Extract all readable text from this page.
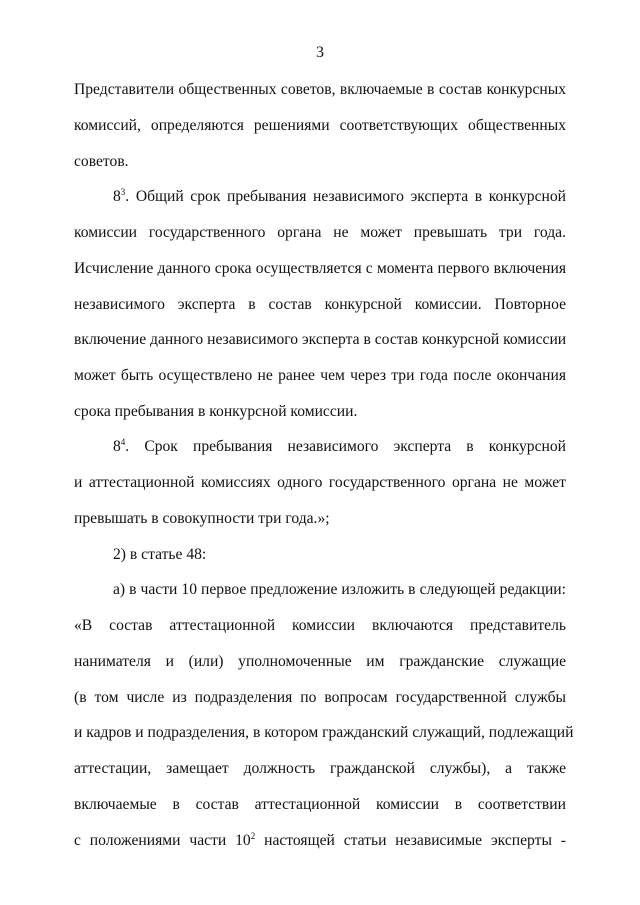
3
Представители общественных советов, включаемые в состав конкурсных
комиссий, определяются решениями соответствующих общественных
советов.
$8^3$. Общий срок пребывания независимого эксперта в конкурсной
комиссии государственного органа не может превышать три года.
Исчисление данного срока осуществляется с момента первого включения
независимого эксперта в состав конкурсной комиссии. Повторное
включение данного независимого эксперта в состав конкурсной комиссии
может быть осуществлено не ранее чем через три года после окончания
срока пребывания в конкурсной комиссии.
$8^4$. Срок пребывания независимого эксперта в конкурсной
и аттестационной комиссиях одного государственного органа не может
превышать в совокупности три года.»;
2) в статье 48:
а) в части 10 первое предложение изложить в следующей редакции:
«В состав аттестационной комиссии включаются представитель
нанимателя и (или) уполномоченные им гражданские служащие
(в том числе из подразделения по вопросам государственной службы
и кадров и подразделения, в котором гражданский служащий, подлежащий
аттестации, замещает должность гражданской службы), а также
включаемые в состав аттестационной комиссии в соответствии
с положениями части $10^2$ настоящей статьи независимые эксперты -
